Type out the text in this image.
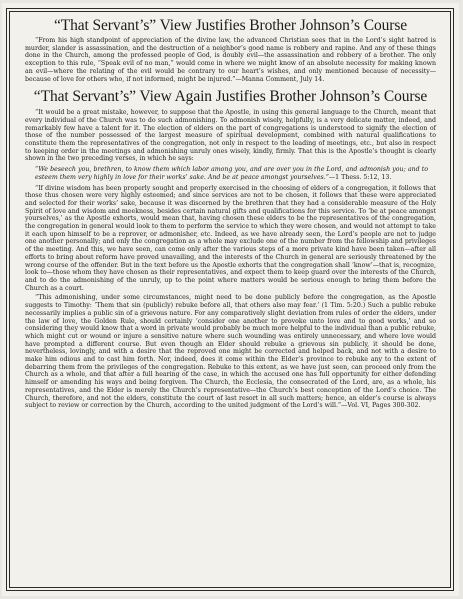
“That Servant’s” View Justifies Brother Johnson’s Course

“From his high standpoint of appreciation of the divine law, the advanced Christian sees that in the Lord’s sight hatred is murder, slander is assassination, and the destruction of a neighbor’s good name is robbery and rapine. And any of these things done in the Church, among the professed people of God, is doubly evil—the assassination and robbery of a brother. The only exception to this rule, “Speak evil of no man,” would come in where we might know of an absolute necessity for making known an evil—where the relating of the evil would be contrary to our heart’s wishes, and only mentioned because of necessity—because of love for others who, if not informed, might be injured.”—Manna Comment, July 14.

“That Servant’s” View Again Justifies Brother Johnson’s Course

“It would be a great mistake, however, to suppose that the Apostle, in using this general language to the Church, meant that every individual of the Church was to do such admonishing. To admonish wisely, helpfully, is a very delicate matter, indeed, and remarkably few have a talent for it. The election of elders on the part of congregations is understood to signify the election of those of the number possessed of the largest measure of spiritual development, combined with natural qualifications to constitute them the representatives of the congregation, not only in respect to the leading of meetings, etc., but also in respect to keeping order in the meetings and admonishing unruly ones wisely, kindly, firmly. That this is the Apostle’s thought is clearly shown in the two preceding verses, in which he says:

“We beseech you, brethren, to know them which labor among you, and are over you in the Lord, and admonish you; and to esteem them very highly in love for their works’ sake. And be at peace amongst yourselves.”—1 Thess. 5:12, 13.

“If divine wisdom has been properly sought and properly exercised in the choosing of elders of a congregation, it follows that those thus chosen were very highly esteemed; and since services are not to be chosen, it follows that these were appreciated and selected for their works’ sake, because it was discerned by the brethren that they had a considerable measure of the Holy Spirit of love and wisdom and meekness, besides certain natural gifts and qualifications for this service. To ‘be at peace amongst yourselves,’ as the Apostle exhorts, would mean that, having chosen these elders to be the representatives of the congregation, the congregation in general would look to them to perform the service to which they were chosen, and would not attempt to take it each upon himself to be a reprover, or admonisher, etc. Indeed, as we have already seen, the Lord’s people are not to judge one another personally; and only the congregation as a whole may exclude one of the number from the fellowship and privileges of the meeting. And this, we have seen, can come only after the various steps of a more private kind have been taken—after all efforts to bring about reform have proved unavailing, and the interests of the Church in general are seriously threatened by the wrong course of the offender. But in the text before us the Apostle exhorts that the congregation shall ‘know’—that is, recognize, look to—those whom they have chosen as their representatives, and expect them to keep guard over the interests of the Church, and to do the admonishing of the unruly, up to the point where matters would be serious enough to bring them before the Church as a court.

“This admonishing, under some circumstances, might need to be done publicly before the congregation, as the Apostle suggests to Timothy: ‘Them that sin (publicly) rebuke before all, that others also may fear.’ (1 Tim. 5:20.) Such a public rebuke necessarily implies a public sin of a grievous nature. For any comparatively slight deviation from rules of order the elders, under the law of love, the Golden Rule, should certainly ‘consider one another to provoke unto love and to good works,’ and so considering they would know that a word in private would probably be much more helpful to the individual than a public rebuke, which might cut or wound or injure a sensitive nature where such wounding was entirely unnecessary, and where love would have prompted a different course. But even though an Elder should rebuke a grievous sin publicly, it should be done, nevertheless, lovingly, and with a desire that the reproved one might be corrected and helped back, and not with a desire to make him odious and to cast him forth. Nor, indeed, does it come within the Elder’s province to rebuke any to the extent of debarring them from the privileges of the congregation. Rebuke to this extent, as we have just seen, can proceed only from the Church as a whole, and that after a full hearing of the case, in which the accused one has full opportunity for either defending himself or amending his ways and being forgiven. The Church, the Ecclesia, the consecrated of the Lord, are, as a whole, his representatives, and the Elder is merely the Church’s representative—the Church’s best conception of the Lord’s choice. The Church, therefore, and not the elders, constitute the court of last resort in all such matters; hence, an elder’s course is always subject to review or correction by the Church, according to the united judgment of the Lord’s will.”—Vol. VI, Pages 300-302.
